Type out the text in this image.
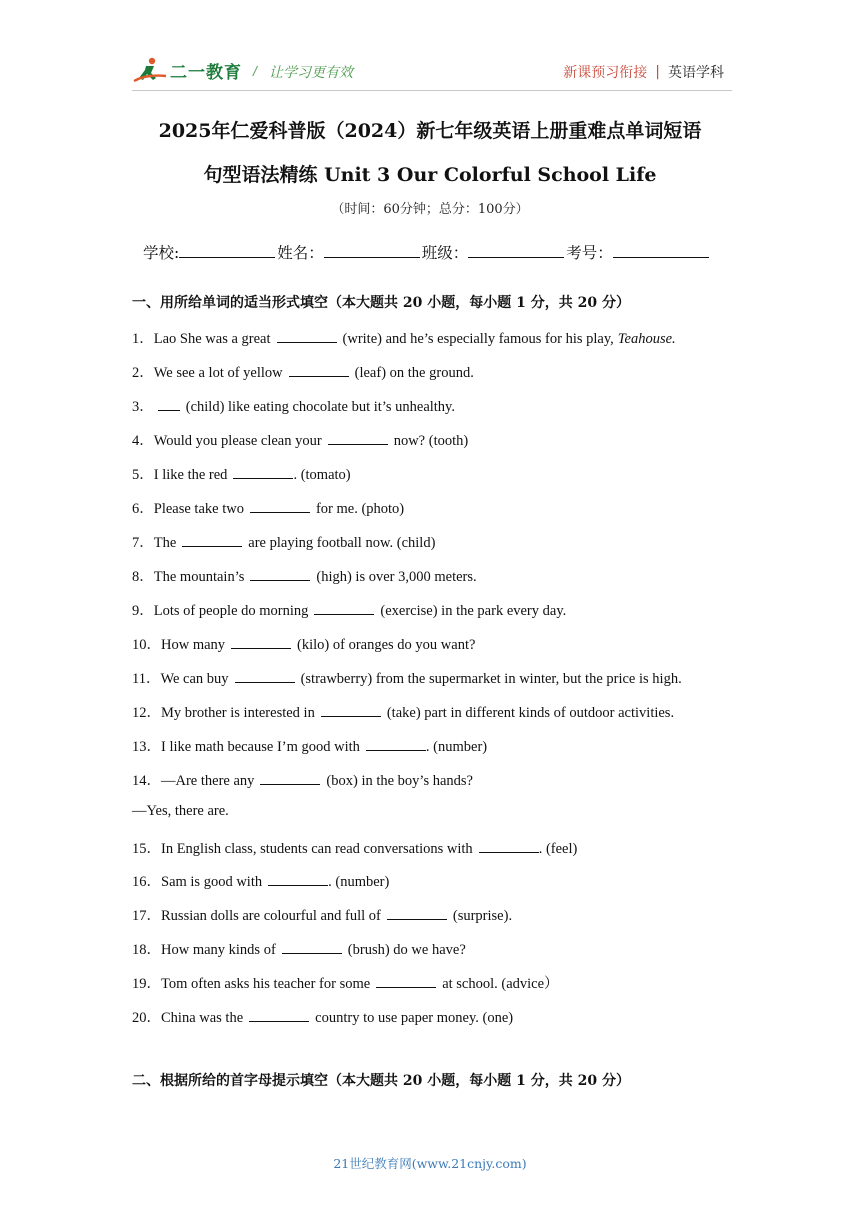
二一教育 / 让学习更有效	新课预习衔接 | 英语学科
2025年仁爱科普版（2024）新七年级英语上册重难点单词短语
句型语法精练 Unit 3 Our Colorful School Life
（时间：60分钟；总分：100分）
学校:	姓名：	班级：	考号：
一、用所给单词的适当形式填空（本大题共 20 小题，每小题 1 分，共 20 分）
1．Lao She was a great	(write) and he’s especially famous for his play, Teahouse.
2．We see a lot of yellow	(leaf) on the ground.
3． (child) like eating chocolate but it’s unhealthy.
4．Would you please clean your	now? (tooth)
5．I like the red	. (tomato)
6．Please take two	for me. (photo)
7．The	are playing football now. (child)
8．The mountain’s	(high) is over 3,000 meters.
9．Lots of people do morning	(exercise) in the park every day.
10．How many	(kilo) of oranges do you want?
11．We can buy	(strawberry) from the supermarket in winter, but the price is high.
12．My brother is interested in	(take) part in different kinds of outdoor activities.
13．I like math because I’m good with	. (number)
14．—Are there any	(box) in the boy’s hands?
—Yes, there are.
15．In English class, students can read conversations with	. (feel)
16．Sam is good with	. (number)
17．Russian dolls are colourful and full of	(surprise).
18．How many kinds of	(brush) do we have?
19．Tom often asks his teacher for some	at school. (advice）
20．China was the	country to use paper money. (one)
二、根据所给的首字母提示填空（本大题共 20 小题，每小题 1 分，共 20 分）
21世纪教育网(www.21cnjy.com)
